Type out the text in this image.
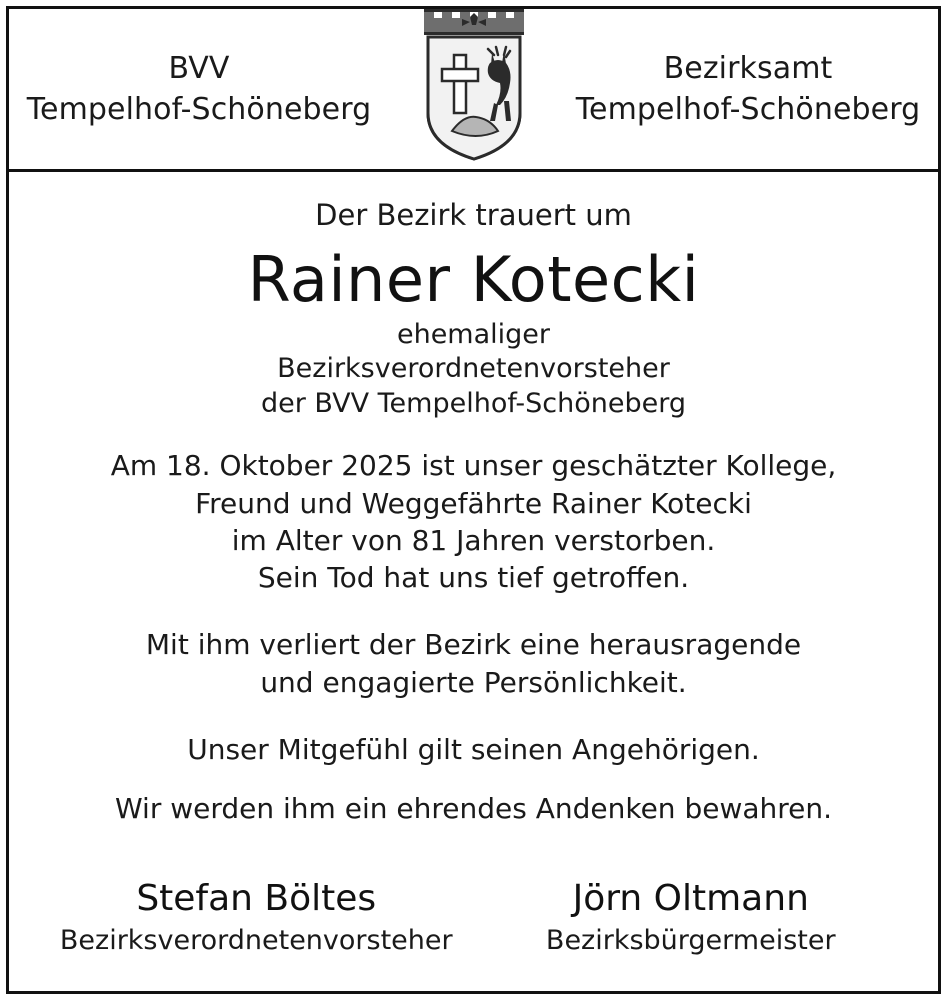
BVV
Tempelhof-Schöneberg
Bezirksamt
Tempelhof-Schöneberg
Der Bezirk trauert um
Rainer Kotecki
ehemaliger
Bezirksverordnetenvorsteher
der BVV Tempelhof-Schöneberg
Am 18. Oktober 2025 ist unser geschätzter Kollege,
Freund und Weggefährte Rainer Kotecki
im Alter von 81 Jahren verstorben.
Sein Tod hat uns tief getroffen.
Mit ihm verliert der Bezirk eine herausragende
und engagierte Persönlichkeit.
Unser Mitgefühl gilt seinen Angehörigen.
Wir werden ihm ein ehrendes Andenken bewahren.
Stefan Böltes
Bezirksverordnetenvorsteher
Jörn Oltmann
Bezirksbürgermeister
